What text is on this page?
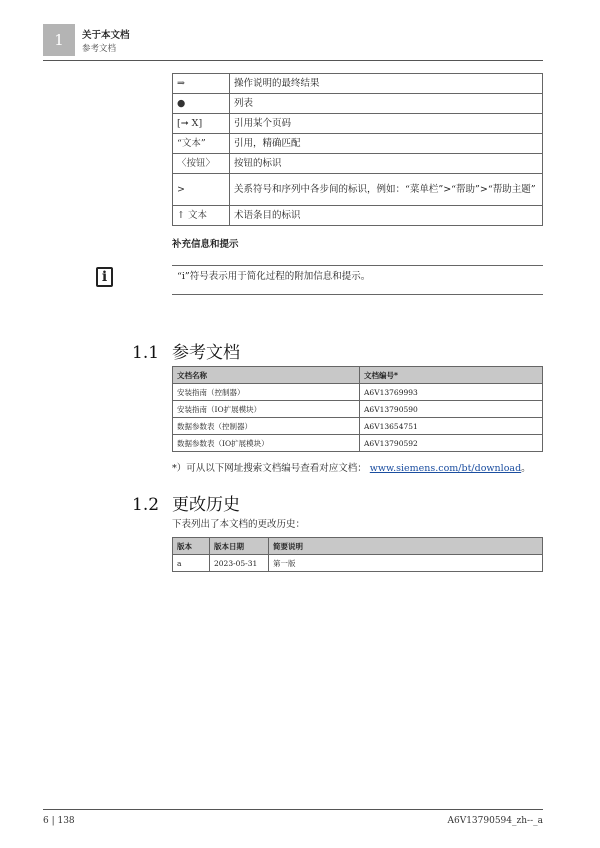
1 关于本文档
参考文档
⇒	操作说明的最终结果
●	列表
[➞ X]	引用某个页码
“文本”	引用，精确匹配
〈按钮〉	按钮的标识
>	关系符号和序列中各步间的标识，例如：“菜单栏”>“帮助”>“帮助主题”
↑ 文本	术语条目的标识
补充信息和提示
i	“i”符号表示用于简化过程的附加信息和提示。
1.1 参考文档
文档名称	文档编号*
安装指南（控制器）	A6V13769993
安装指南（IO扩展模块）	A6V13790590
数据参数表（控制器）	A6V13654751
数据参数表（IO扩展模块）	A6V13790592
*）可从以下网址搜索文档编号查看对应文档： www.siemens.com/bt/download。
1.2 更改历史
下表列出了本文档的更改历史：
版本	版本日期	简要说明
a	2023-05-31	第一版
6 | 138	A6V13790594_zh--_a
